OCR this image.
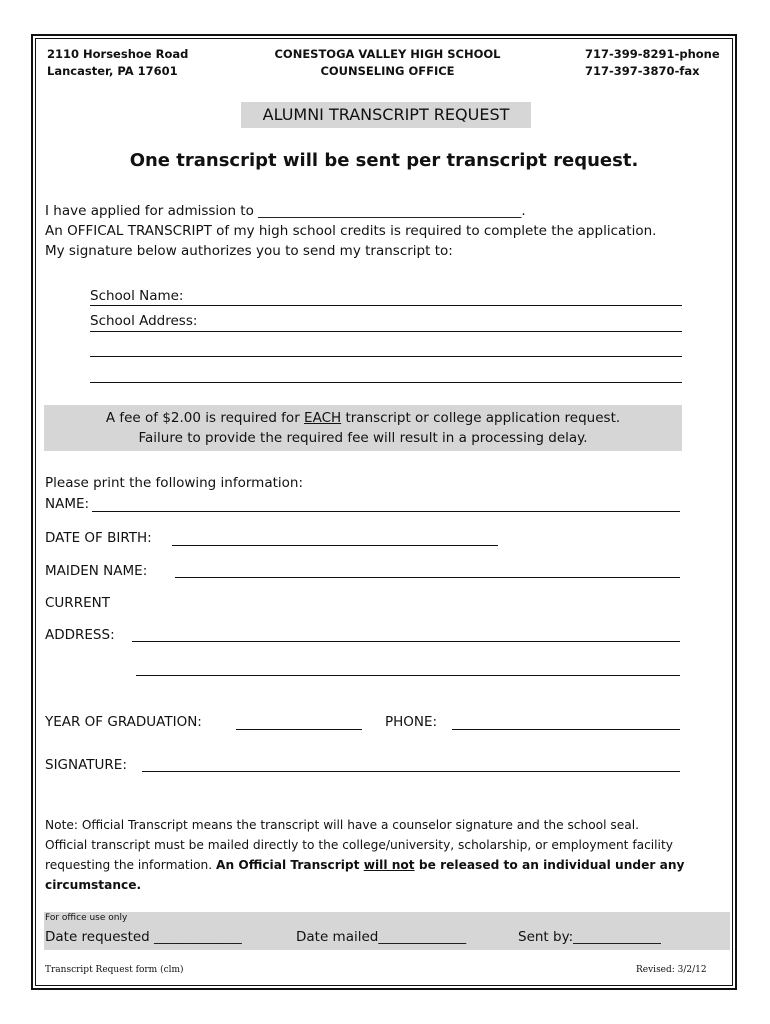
2110 Horseshoe Road
Lancaster, PA 17601
CONESTOGA VALLEY HIGH SCHOOL
COUNSELING OFFICE
717-399-8291-phone
717-397-3870-fax
ALUMNI TRANSCRIPT REQUEST
One transcript will be sent per transcript request.
I have applied for admission to _______________________________________.
An OFFICAL TRANSCRIPT of my high school credits is required to complete the application.
My signature below authorizes you to send my transcript to:
School Name:
School Address:
A fee of $2.00 is required for EACH transcript or college application request.
Failure to provide the required fee will result in a processing delay.
Please print the following information:
NAME:
DATE OF BIRTH:
MAIDEN NAME:
CURRENT
ADDRESS:
YEAR OF GRADUATION:	PHONE:
SIGNATURE:
Note: Official Transcript means the transcript will have a counselor signature and the school seal.
Official transcript must be mailed directly to the college/university, scholarship, or employment facility
requesting the information. An Official Transcript will not be released to an individual under any
circumstance.
For office use only
Date requested _____________	Date mailed_____________	Sent by:_____________
Transcript Request form (clm)	Revised: 3/2/12
